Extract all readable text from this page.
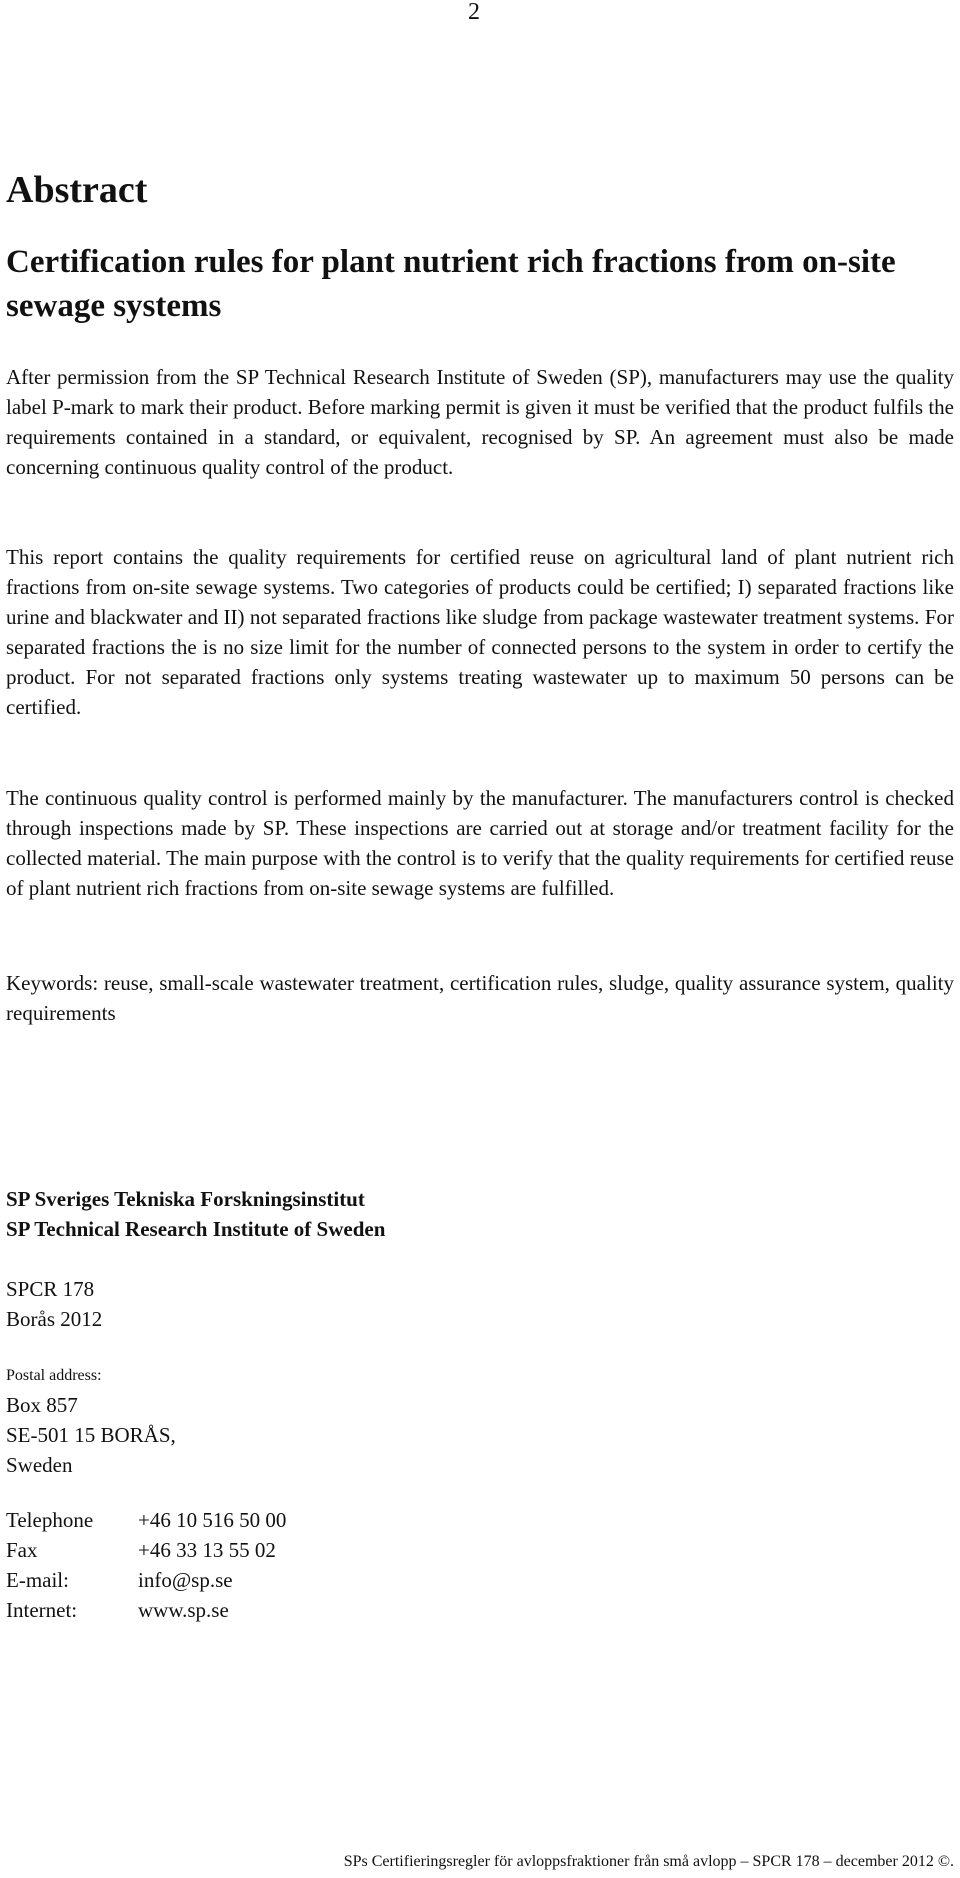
2
Abstract
Certification rules for plant nutrient rich fractions from on-site sewage systems

After permission from the SP Technical Research Institute of Sweden (SP), manufacturers may use the quality label P-mark to mark their product. Before marking permit is given it must be verified that the product fulfils the requirements contained in a standard, or equivalent, recognised by SP. An agreement must also be made concerning continuous quality control of the product.

This report contains the quality requirements for certified reuse on agricultural land of plant nutrient rich fractions from on-site sewage systems. Two categories of products could be certified; I) separated fractions like urine and blackwater and II) not separated fractions like sludge from package wastewater treatment systems. For separated fractions the is no size limit for the number of connected persons to the system in order to certify the product. For not separated fractions only systems treating wastewater up to maximum 50 persons can be certified.

The continuous quality control is performed mainly by the manufacturer. The manufacturers control is checked through inspections made by SP. These inspections are carried out at storage and/or treatment facility for the collected material. The main purpose with the control is to verify that the quality requirements for certified reuse of plant nutrient rich fractions from on-site sewage systems are fulfilled.

Keywords: reuse, small-scale wastewater treatment, certification rules, sludge, quality assurance system, quality requirements

SP Sveriges Tekniska Forskningsinstitut
SP Technical Research Institute of Sweden
SPCR 178
Borås 2012
Postal address:
Box 857
SE-501 15 BORÅS,
Sweden
Telephone	+46 10 516 50 00
Fax	+46 33 13 55 02
E-mail:	info@sp.se
Internet:	www.sp.se
SPs Certifieringsregler för avloppsfraktioner från små avlopp – SPCR 178 – december 2012 ©.
